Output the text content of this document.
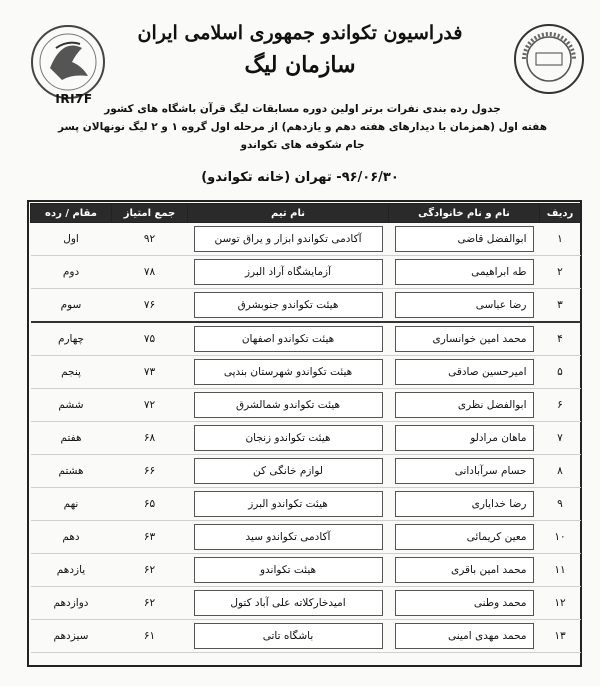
IRI7F
فدراسیون تکواندو جمهوری اسلامی ایران
سازمان لیگ
جدول رده بندی نفرات برتر اولین دوره مسابقات لیگ قرآن باشگاه های کشور
هفته اول (همزمان با دیدارهای هفته دهم و یازدهم) از مرحله اول گروه ۱ و ۲ لیگ نونهالان پسر
جام شکوفه های تکواندو
۹۶/۰۶/۳۰- تهران (خانه تکواندو)
ردیف	نام و نام خانوادگی	نام تیم	جمع امتیاز	مقام / رده

۱	ابوالفضل قاضی	آکادمی تکواندو ابزار و یراق توسن	۹۲	اول

۲	طه ابراهیمی	آزمایشگاه آراد البرز	۷۸	دوم

۳	رضا عباسی	هیئت تکواندو جنوبشرق	۷۶	سوم

۴	محمد امین خوانساری	هیئت تکواندو اصفهان	۷۵	چهارم

۵	امیرحسین صادقی	هیئت تکواندو شهرستان بندپی	۷۳	پنجم

۶	ابوالفضل نظری	هیئت تکواندو شمالشرق	۷۲	ششم

۷	ماهان مرادلو	هیئت تکواندو زنجان	۶۸	هفتم

۸	حسام سرآبادانی	لوازم خانگی کن	۶۶	هشتم

۹	رضا خدایاری	هیئت تکواندو البرز	۶۵	نهم

۱۰	معین کریمائی	آکادمی تکواندو سید	۶۳	دهم

۱۱	محمد امین باقری	هیئت تکواندو	۶۲	یازدهم

۱۲	محمد وطنی	امیدخارکلاته علی آباد کتول	۶۲	دوازدهم

۱۳	محمد مهدی امینی	باشگاه تاتی	۶۱	سیزدهم
